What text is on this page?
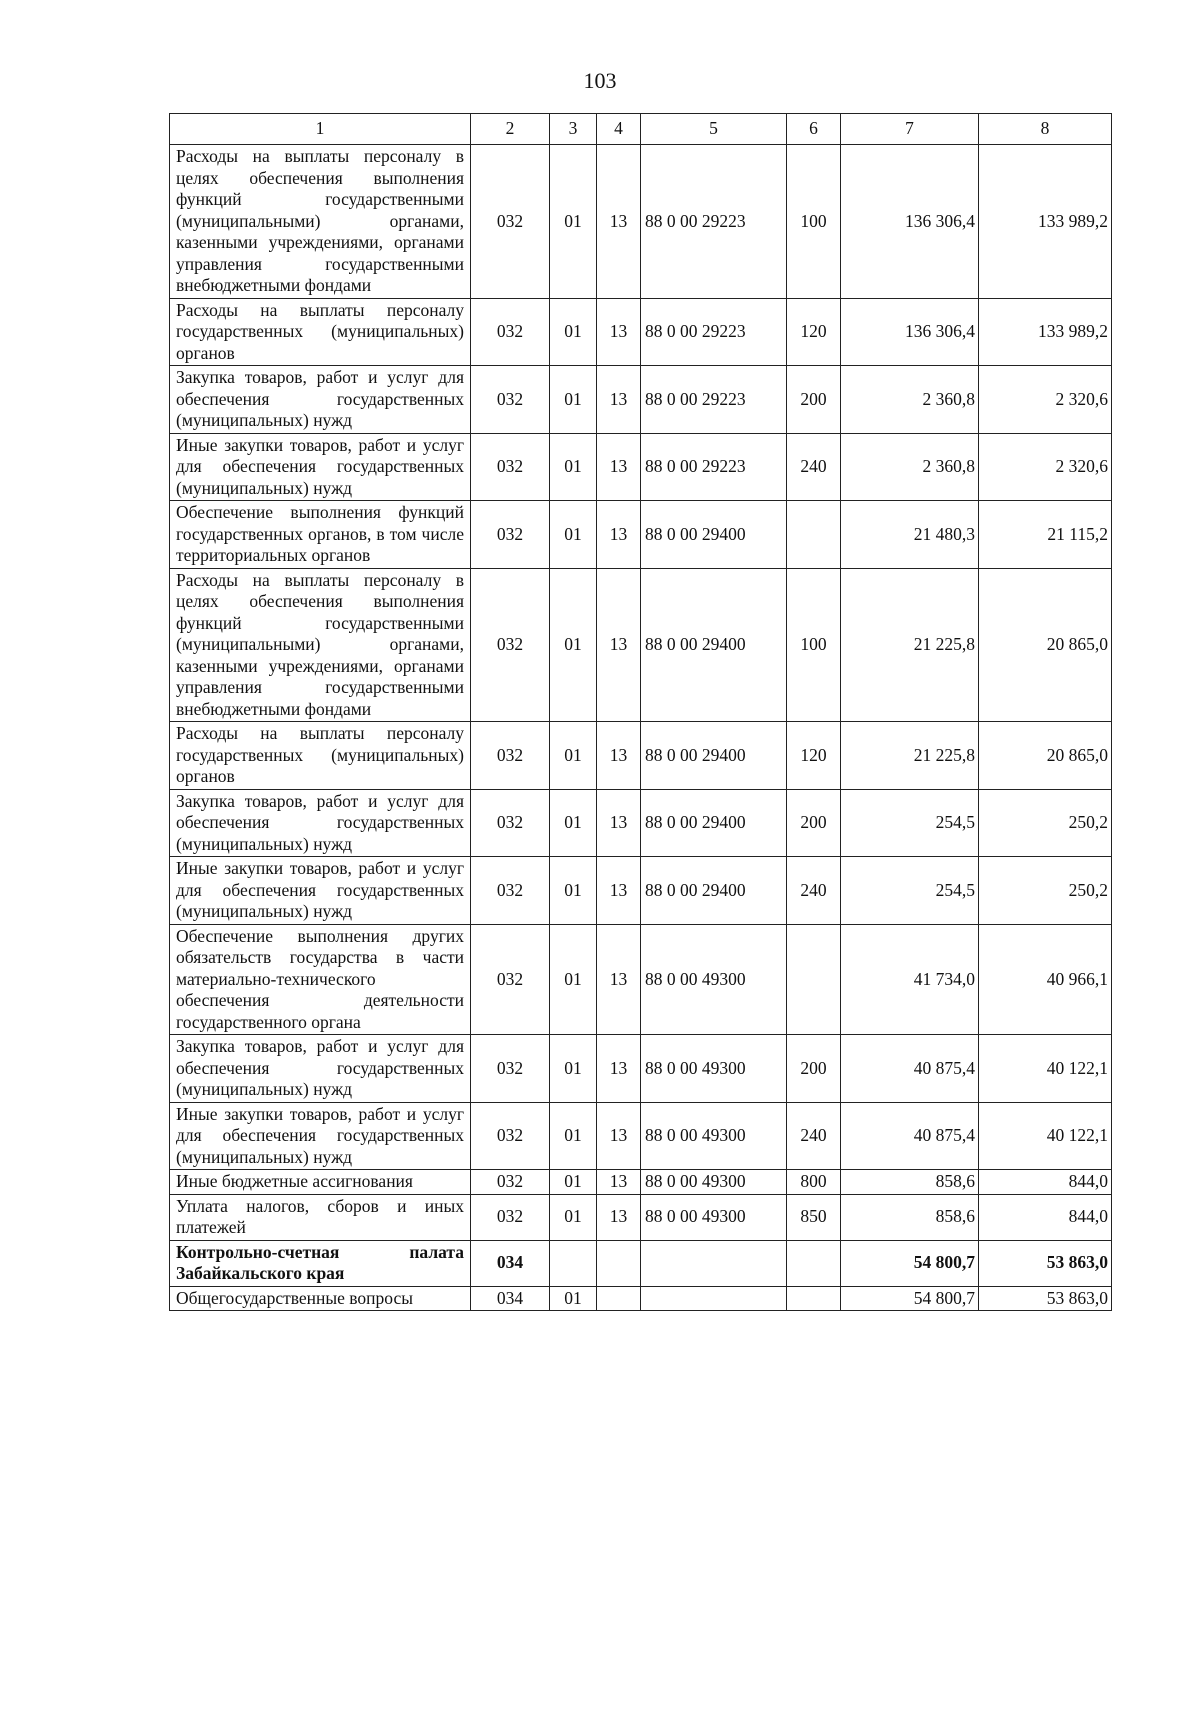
103
1	2	3	4	5	6	7	8
Расходы на выплаты персоналу в целях обеспечения выполнения функций государственными (муниципальными) органами, казенными учреждениями, органами управления государственными внебюджетными фондами	032	01	13	88 0 00 29223	100	136 306,4	133 989,2
Расходы на выплаты персоналу государственных (муниципальных) органов	032	01	13	88 0 00 29223	120	136 306,4	133 989,2
Закупка товаров, работ и услуг для обеспечения государственных (муниципальных) нужд	032	01	13	88 0 00 29223	200	2 360,8	2 320,6
Иные закупки товаров, работ и услуг для обеспечения государственных (муниципальных) нужд	032	01	13	88 0 00 29223	240	2 360,8	2 320,6
Обеспечение выполнения функций государственных органов, в том числе территориальных органов	032	01	13	88 0 00 29400		21 480,3	21 115,2
Расходы на выплаты персоналу в целях обеспечения выполнения функций государственными (муниципальными) органами, казенными учреждениями, органами управления государственными внебюджетными фондами	032	01	13	88 0 00 29400	100	21 225,8	20 865,0
Расходы на выплаты персоналу государственных (муниципальных) органов	032	01	13	88 0 00 29400	120	21 225,8	20 865,0
Закупка товаров, работ и услуг для обеспечения государственных (муниципальных) нужд	032	01	13	88 0 00 29400	200	254,5	250,2
Иные закупки товаров, работ и услуг для обеспечения государственных (муниципальных) нужд	032	01	13	88 0 00 29400	240	254,5	250,2
Обеспечение выполнения других обязательств государства в части материально-технического обеспечения деятельности государственного органа	032	01	13	88 0 00 49300		41 734,0	40 966,1
Закупка товаров, работ и услуг для обеспечения государственных (муниципальных) нужд	032	01	13	88 0 00 49300	200	40 875,4	40 122,1
Иные закупки товаров, работ и услуг для обеспечения государственных (муниципальных) нужд	032	01	13	88 0 00 49300	240	40 875,4	40 122,1
Иные бюджетные ассигнования	032	01	13	88 0 00 49300	800	858,6	844,0
Уплата налогов, сборов и иных платежей	032	01	13	88 0 00 49300	850	858,6	844,0
Контрольно-счетная палата Забайкальского края	034					54 800,7	53 863,0
Общегосударственные вопросы	034	01				54 800,7	53 863,0
